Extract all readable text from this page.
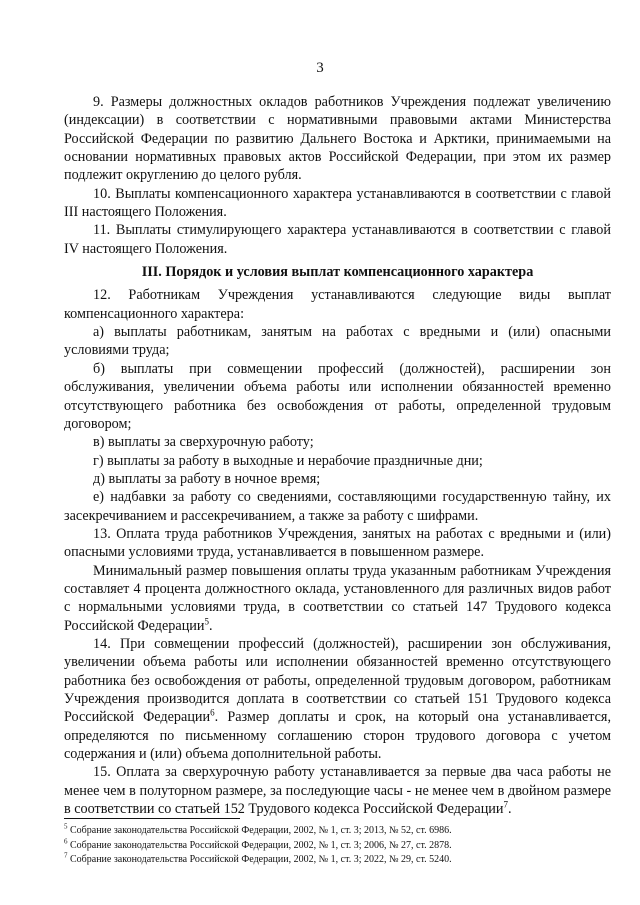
3

9. Размеры должностных окладов работников Учреждения подлежат увеличению (индексации) в соответствии с нормативными правовыми актами Министерства Российской Федерации по развитию Дальнего Востока и Арктики, принимаемыми на основании нормативных правовых актов Российской Федерации, при этом их размер подлежит округлению до целого рубля.

10. Выплаты компенсационного характера устанавливаются в соответствии с главой III настоящего Положения.

11. Выплаты стимулирующего характера устанавливаются в соответствии с главой IV настоящего Положения.

III. Порядок и условия выплат компенсационного характера

12. Работникам Учреждения устанавливаются следующие виды выплат компенсационного характера:

а) выплаты работникам, занятым на работах с вредными и (или) опасными условиями труда;

б) выплаты при совмещении профессий (должностей), расширении зон обслуживания, увеличении объема работы или исполнении обязанностей временно отсутствующего работника без освобождения от работы, определенной трудовым договором;

в) выплаты за сверхурочную работу;

г) выплаты за работу в выходные и нерабочие праздничные дни;

д) выплаты за работу в ночное время;

е) надбавки за работу со сведениями, составляющими государственную тайну, их засекречиванием и рассекречиванием, а также за работу с шифрами.

13. Оплата труда работников Учреждения, занятых на работах с вредными и (или) опасными условиями труда, устанавливается в повышенном размере.

Минимальный размер повышения оплаты труда указанным работникам Учреждения составляет 4 процента должностного оклада, установленного для различных видов работ с нормальными условиями труда, в соответствии со статьей 147 Трудового кодекса Российской Федерации$^5$.

14. При совмещении профессий (должностей), расширении зон обслуживания, увеличении объема работы или исполнении обязанностей временно отсутствующего работника без освобождения от работы, определенной трудовым договором, работникам Учреждения производится доплата в соответствии со статьей 151 Трудового кодекса Российской Федерации$^6$. Размер доплаты и срок, на который она устанавливается, определяются по письменному соглашению сторон трудового договора с учетом содержания и (или) объема дополнительной работы.

15. Оплата за сверхурочную работу устанавливается за первые два часа работы не менее чем в полуторном размере, за последующие часы - не менее чем в двойном размере в соответствии со статьей 152 Трудового кодекса Российской Федерации$^7$.

$^5$ Собрание законодательства Российской Федерации, 2002, № 1, ст. 3; 2013, № 52, ст. 6986.

$^6$ Собрание законодательства Российской Федерации, 2002, № 1, ст. 3; 2006, № 27, ст. 2878.

$^7$ Собрание законодательства Российской Федерации, 2002, № 1, ст. 3; 2022, № 29, ст. 5240.
